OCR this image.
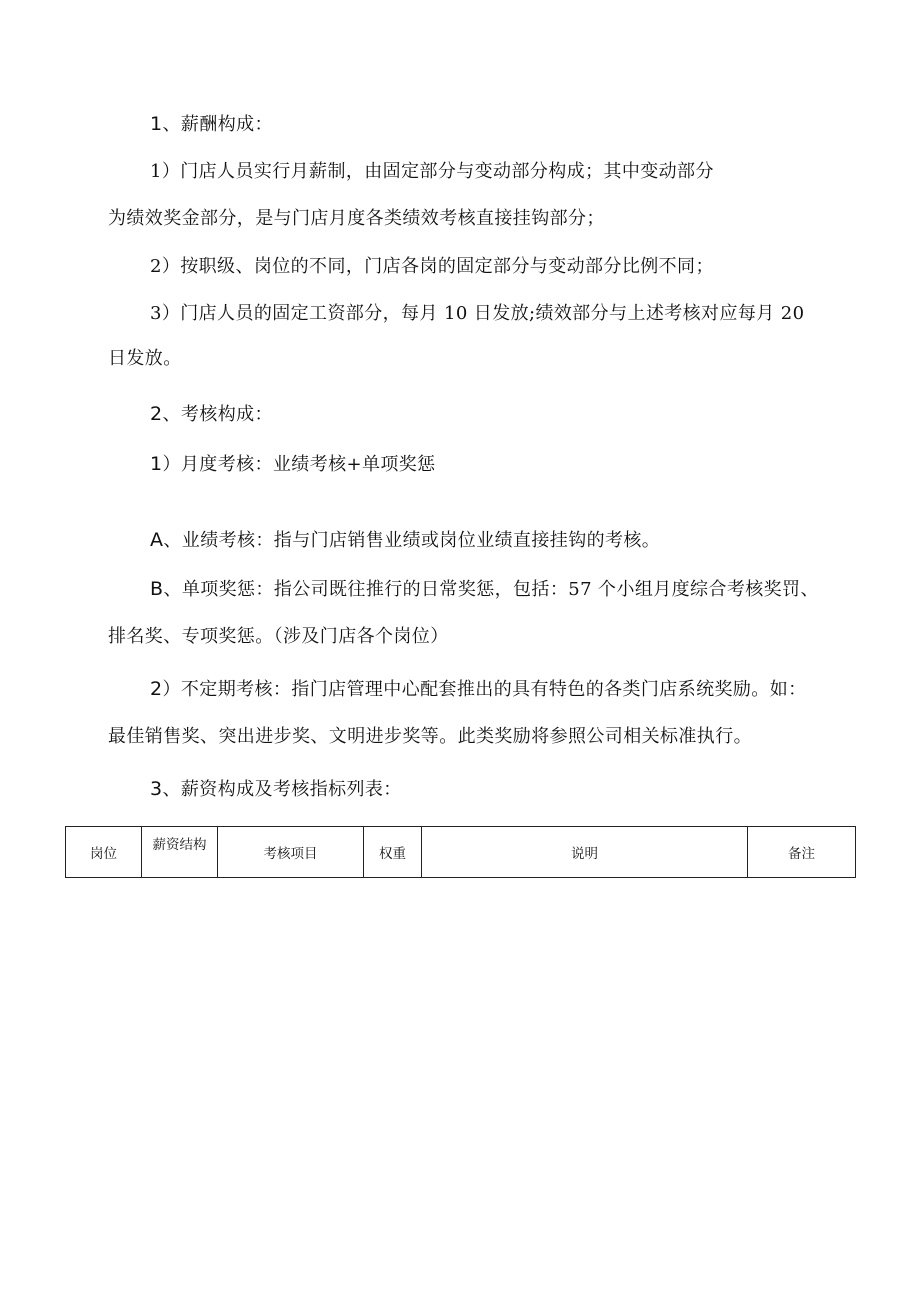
1、薪酬构成：
1）门店人员实行月薪制，由固定部分与变动部分构成；其中变动部分
为绩效奖金部分，是与门店月度各类绩效考核直接挂钩部分；
2）按职级、岗位的不同，门店各岗的固定部分与变动部分比例不同；
3）门店人员的固定工资部分，每月 10 日发放;绩效部分与上述考核对应每月 20
日发放。
2、考核构成：
1）月度考核：业绩考核+单项奖惩
A、业绩考核：指与门店销售业绩或岗位业绩直接挂钩的考核。
B、单项奖惩：指公司既往推行的日常奖惩，包括：57 个小组月度综合考核奖罚、
排名奖、专项奖惩。（涉及门店各个岗位）
2）不定期考核：指门店管理中心配套推出的具有特色的各类门店系统奖励。如：
最佳销售奖、突出进步奖、文明进步奖等。此类奖励将参照公司相关标准执行。
3、薪资构成及考核指标列表：
岗位	薪资结构	考核项目	权重	说明	备注
